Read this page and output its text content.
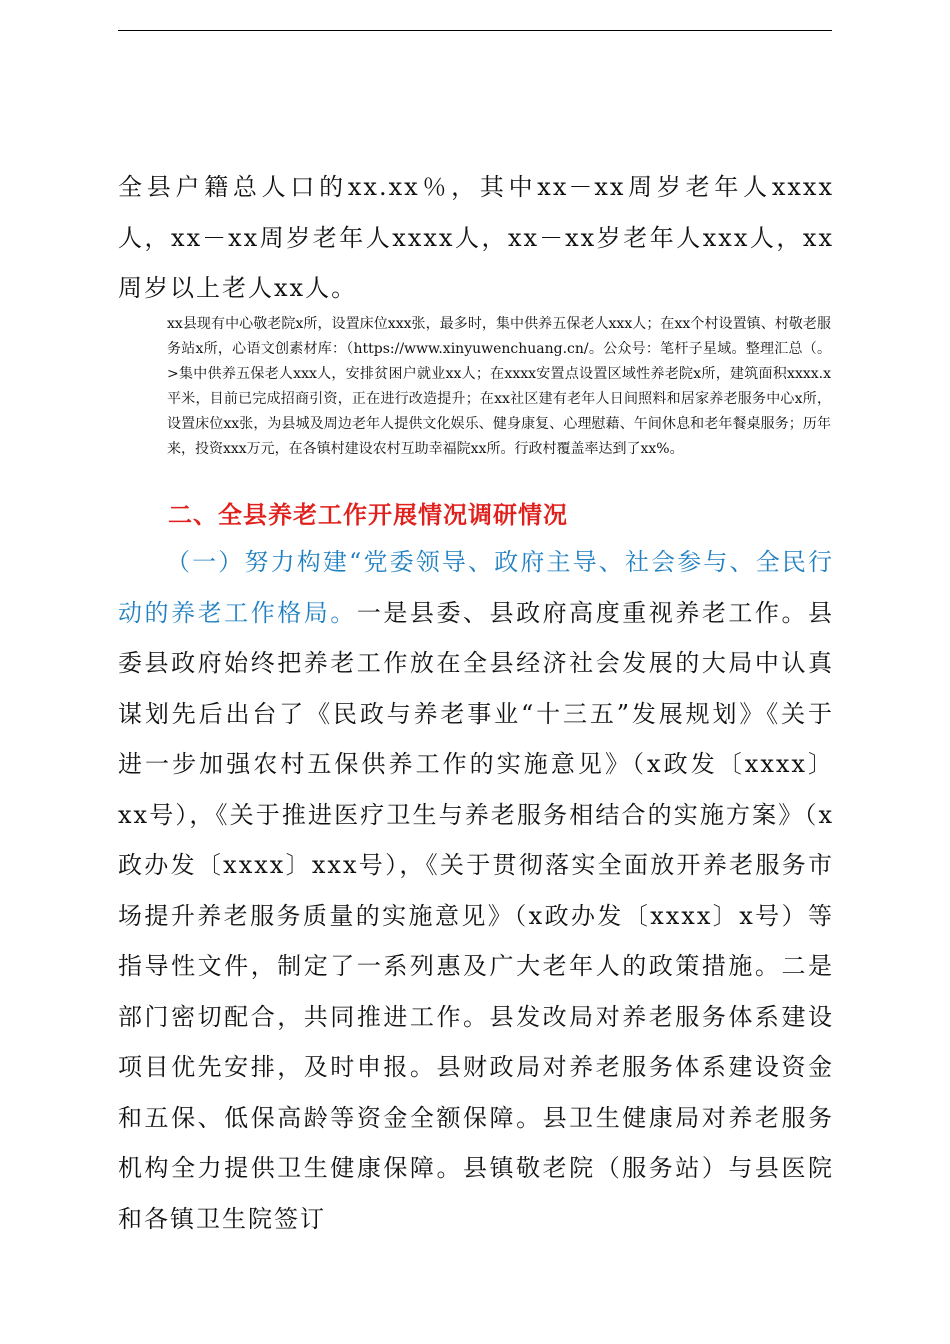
全县户籍总人口的xx.xx％，其中xx－xx周岁老年人xxxx人，xx－xx周岁老年人xxxx人，xx－xx岁老年人xxx人，xx周岁以上老人xx人。

xx县现有中心敬老院x所，设置床位xxx张，最多时，集中供养五保老人xxx人；在xx个村设置镇、村敬老服务站x所，心语文创素材库：（https://www.xinyuwenchuang.cn/。公众号：笔杆子星域。整理汇总（。>集中供养五保老人xxx人，安排贫困户就业xx人；在xxxx安置点设置区域性养老院x所，建筑面积xxxx.x平米，目前已完成招商引资，正在进行改造提升；在xx社区建有老年人日间照料和居家养老服务中心x所，设置床位xx张，为县城及周边老年人提供文化娱乐、健身康复、心理慰藉、午间休息和老年餐桌服务；历年来，投资xxx万元，在各镇村建设农村互助幸福院xx所。行政村覆盖率达到了xx%。

二、全县养老工作开展情况调研情况

（一）努力构建“党委领导、政府主导、社会参与、全民行动的养老工作格局。一是县委、县政府高度重视养老工作。县委县政府始终把养老工作放在全县经济社会发展的大局中认真谋划先后出台了《民政与养老事业“十三五”发展规划》《关于进一步加强农村五保供养工作的实施意见》（x政发〔xxxx〕xx号），《关于推进医疗卫生与养老服务相结合的实施方案》（x政办发〔xxxx〕xxx号），《关于贯彻落实全面放开养老服务市场提升养老服务质量的实施意见》（x政办发〔xxxx〕x号）等指导性文件，制定了一系列惠及广大老年人的政策措施。二是部门密切配合，共同推进工作。县发改局对养老服务体系建设项目优先安排，及时申报。县财政局对养老服务体系建设资金和五保、低保高龄等资金全额保障。县卫生健康局对养老服务机构全力提供卫生健康保障。县镇敬老院（服务站）与县医院和各镇卫生院签订
